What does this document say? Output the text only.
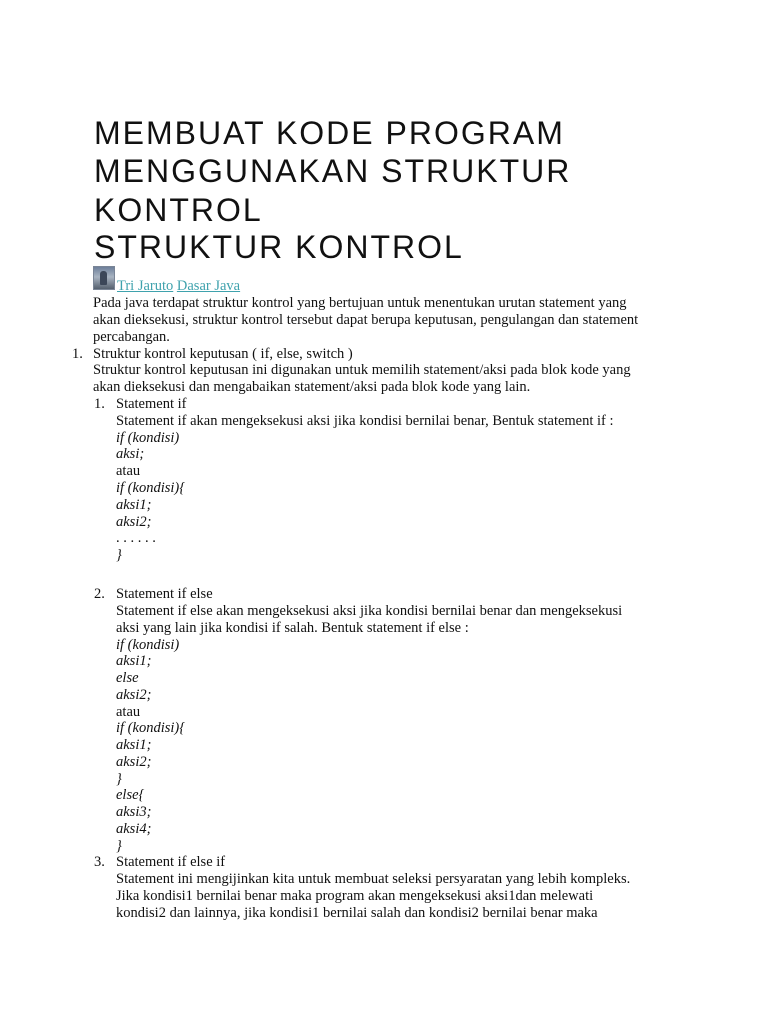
MEMBUAT KODE PROGRAM
MENGGUNAKAN STRUKTUR
KONTROL
STRUKTUR KONTROL
Tri Jaruto Dasar Java
Pada java terdapat struktur kontrol yang bertujuan untuk menentukan urutan statement yang
akan dieksekusi, struktur kontrol tersebut dapat berupa keputusan, pengulangan dan statement
percabangan.
1. Struktur kontrol keputusan ( if, else, switch )
Struktur kontrol keputusan ini digunakan untuk memilih statement/aksi pada blok kode yang
akan dieksekusi dan mengabaikan statement/aksi pada blok kode yang lain.
1. Statement if
Statement if akan mengeksekusi aksi jika kondisi bernilai benar, Bentuk statement if :
if (kondisi)
aksi;
atau
if (kondisi){
aksi1;
aksi2;
. . . . . .
}
2. Statement if else
Statement if else akan mengeksekusi aksi jika kondisi bernilai benar dan mengeksekusi
aksi yang lain jika kondisi if salah. Bentuk statement if else :
if (kondisi)
aksi1;
else
aksi2;
atau
if (kondisi){
aksi1;
aksi2;
}
else{
aksi3;
aksi4;
}
3. Statement if else if
Statement ini mengijinkan kita untuk membuat seleksi persyaratan yang lebih kompleks.
Jika kondisi1 bernilai benar maka program akan mengeksekusi aksi1dan melewati
kondisi2 dan lainnya, jika kondisi1 bernilai salah dan kondisi2 bernilai benar maka
